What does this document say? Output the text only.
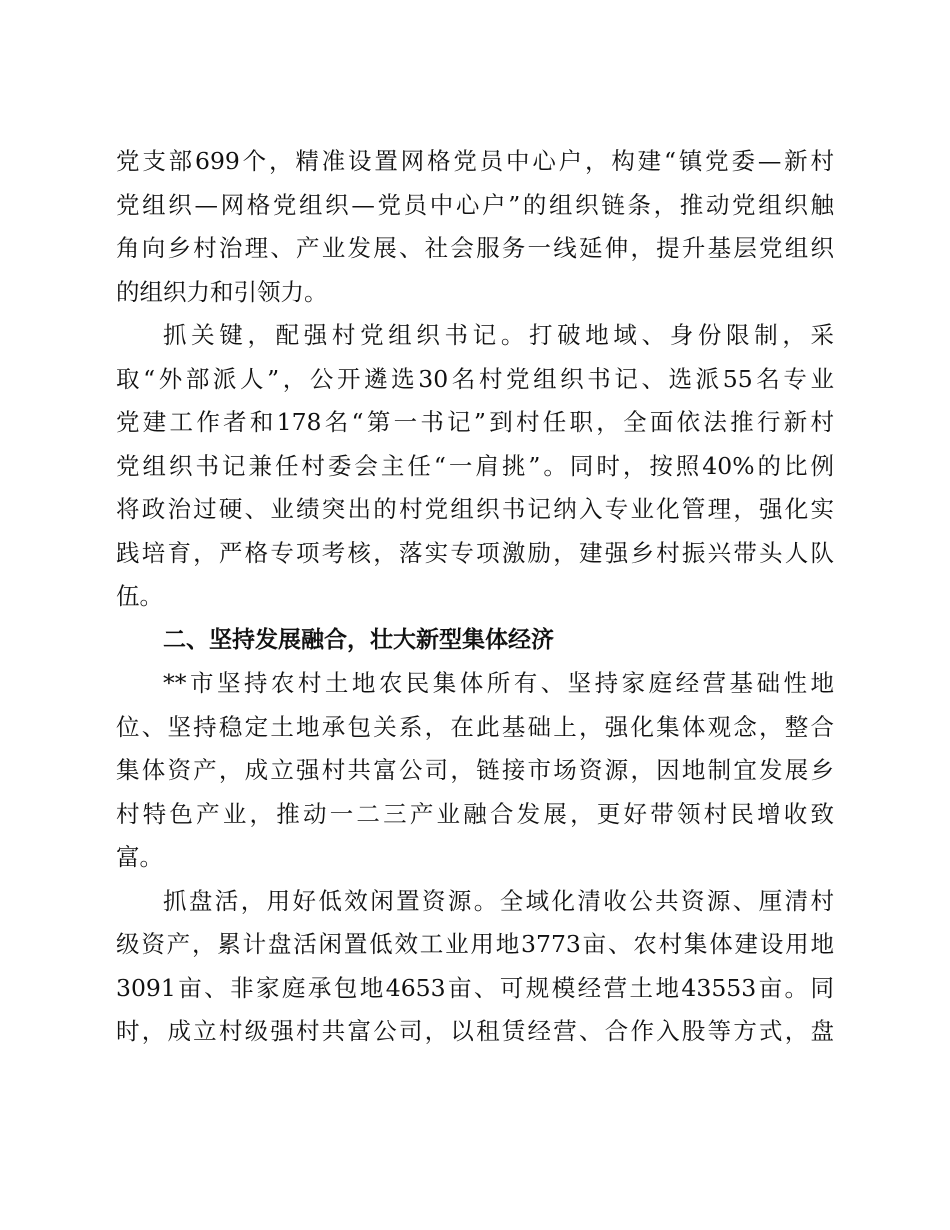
党支部699个，精准设置网格党员中心户，构建“镇党委—新村
党组织—网格党组织—党员中心户”的组织链条，推动党组织触
角向乡村治理、产业发展、社会服务一线延伸，提升基层党组织
的组织力和引领力。
抓关键，配强村党组织书记。打破地域、身份限制，采
取“外部派人”，公开遴选30名村党组织书记、选派55名专业
党建工作者和178名“第一书记”到村任职，全面依法推行新村
党组织书记兼任村委会主任“一肩挑”。同时，按照40%的比例
将政治过硬、业绩突出的村党组织书记纳入专业化管理，强化实
践培育，严格专项考核，落实专项激励，建强乡村振兴带头人队
伍。
二、坚持发展融合，壮大新型集体经济
**市坚持农村土地农民集体所有、坚持家庭经营基础性地
位、坚持稳定土地承包关系，在此基础上，强化集体观念，整合
集体资产，成立强村共富公司，链接市场资源，因地制宜发展乡
村特色产业，推动一二三产业融合发展，更好带领村民增收致
富。
抓盘活，用好低效闲置资源。全域化清收公共资源、厘清村
级资产，累计盘活闲置低效工业用地3773亩、农村集体建设用地
3091亩、非家庭承包地4653亩、可规模经营土地43553亩。同
时，成立村级强村共富公司，以租赁经营、合作入股等方式，盘
